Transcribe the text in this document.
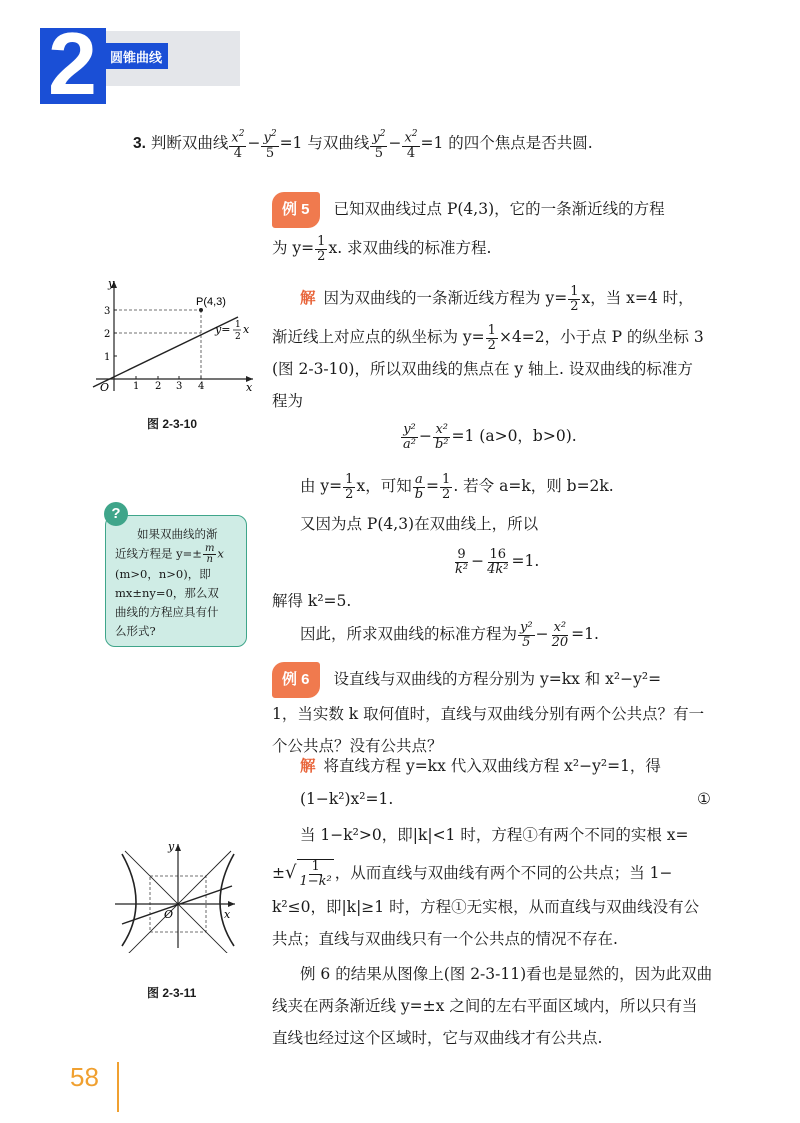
2 圆锥曲线
3. 判断双曲线 $\frac{x^2}{4} - \frac{y^2}{5} =1$ 与双曲线 $\frac{y^2}{5} - \frac{x^2}{4} =1$ 的四个焦点是否共圆.
例 5 已知双曲线过点 P(4,3)，它的一条渐近线的方程
为 $y= \frac{1}{2} x$. 求双曲线的标准方程.
解 因为双曲线的一条渐近线方程为 $y= \frac{1}{2}$ x，当 x=4 时，
渐近线上对应点的纵坐标为 $y= \frac{1}{2} \times 4=2$，小于点 P 的纵坐标 3
(图 2-3-10)，所以双曲线的焦点在 y 轴上. 设双曲线的标准方
程为
$\frac{\text{y²}}{\text{a²}} - \frac{\text{x²}}{\text{b²}} =1$ (a>0，b>0).
由 $y= \frac{1}{2}$ x，可知 $\frac{a}{b} = \frac{1}{2}$ . 若令 a=k，则 b=2k.
又因为点 P(4,3)在双曲线上，所以
$\frac{9}{\text{k²}} - \frac{16}{\text{4k²}} =1$.
解得 k²=5.
因此，所求双曲线的标准方程为 $\frac{\text{y²}}{5} - \frac{\text{x²}}{20} =1$.
y
x
O
P(4,3)
y= 1
2
x
1 2 3 4
1
2
3
图 2-3-10
?
如果双曲线的渐
近线方程是 $y=\pm \frac{m}{n}$ x
(m>0，n>0)，即
mx±ny=0，那么双
曲线的方程应具有什
么形式?
例 6 设直线与双曲线的方程分别为 y=kx 和 x²−y²=
1，当实数 k 取何值时，直线与双曲线分别有两个公共点？有一
个公共点？没有公共点？
解 将直线方程 y=kx 代入双曲线方程 x²−y²=1，得
(1−k²)x²=1.	①
当 1−k²>0，即|k|<1 时，方程①有两个不同的实根 x=
±√ $\frac{1}{\text{1−k²}}$ ，从而直线与双曲线有两个不同的公共点；当 1−
k²≤0，即|k|≥1 时，方程①无实根，从而直线与双曲线没有公
共点；直线与双曲线只有一个公共点的情况不存在.
例 6 的结果从图像上(图 2-3-11)看也是显然的，因为此双曲
线夹在两条渐近线 y=±x 之间的左右平面区域内，所以只有当
直线也经过这个区域时，它与双曲线才有公共点.
y
x
O
图 2-3-11
58
